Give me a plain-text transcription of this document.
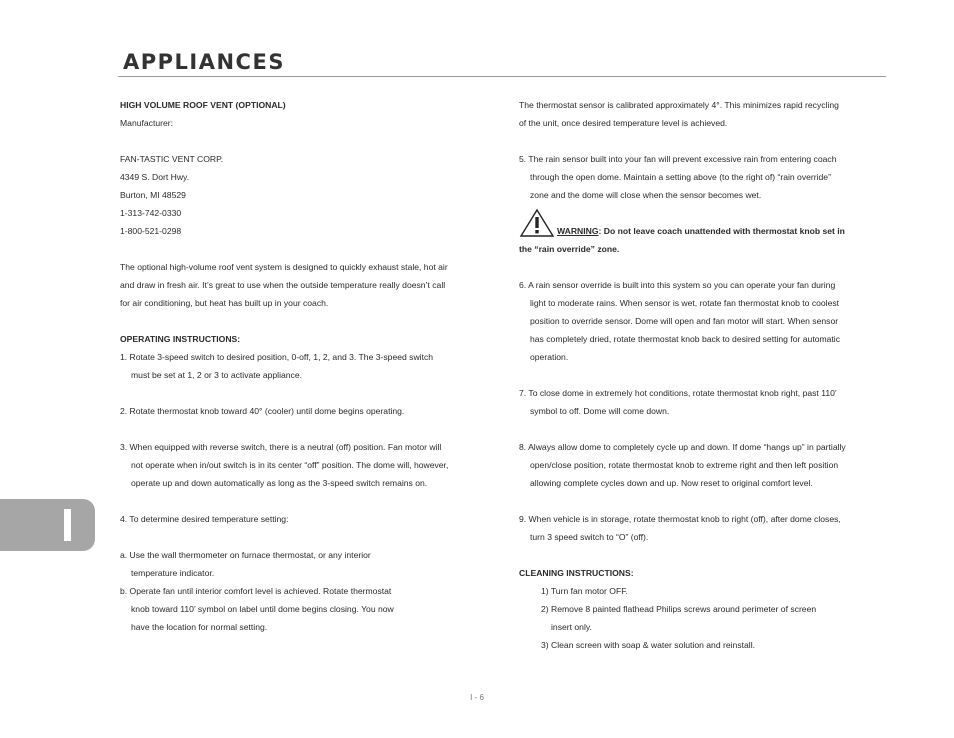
APPLIANCES

HIGH VOLUME ROOF VENT (OPTIONAL)

Manufacturer:

FAN-TASTIC VENT CORP.

4349 S. Dort Hwy.

Burton, MI 48529

1-313-742-0330

1-800-521-0298

The optional high-volume roof vent system is designed to quickly exhaust stale, hot air

and draw in fresh air. It’s great to use when the outside temperature really doesn’t call

for air conditioning, but heat has built up in your coach.

OPERATING INSTRUCTIONS:

1. Rotate 3-speed switch to desired position, 0-off, 1, 2, and 3. The 3-speed switch

must be set at 1, 2 or 3 to activate appliance.

2. Rotate thermostat knob toward 40° (cooler) until dome begins operating.

3. When equipped with reverse switch, there is a neutral (off) position. Fan motor will

not operate when in/out switch is in its center “off” position. The dome will, however,

operate up and down automatically as long as the 3-speed switch remains on.

4. To determine desired temperature setting:

a. Use the wall thermometer on furnace thermostat, or any interior

temperature indicator.

b. Operate fan until interior comfort level is achieved. Rotate thermostat

knob toward 110’ symbol on label until dome begins closing. You now

have the location for normal setting.

The thermostat sensor is calibrated approximately 4°. This minimizes rapid recycling

of the unit, once desired temperature level is achieved.

5. The rain sensor built into your fan will prevent excessive rain from entering coach

through the open dome. Maintain a setting above (to the right of) “rain override”

zone and the dome will close when the sensor becomes wet.

WARNING: Do not leave coach unattended with thermostat knob set in

the “rain override” zone.

6. A rain sensor override is built into this system so you can operate your fan during

light to moderate rains. When sensor is wet, rotate fan thermostat knob to coolest

position to override sensor. Dome will open and fan motor will start. When sensor

has completely dried, rotate thermostat knob back to desired setting for automatic

operation.

7. To close dome in extremely hot conditions, rotate thermostat knob right, past 110’

symbol to off. Dome will come down.

8. Always allow dome to completely cycle up and down. If dome “hangs up” in partially

open/close position, rotate thermostat knob to extreme right and then left position

allowing complete cycles down and up. Now reset to original comfort level.

9. When vehicle is in storage, rotate thermostat knob to right (off), after dome closes,

turn 3 speed switch to “O” (off).

CLEANING INSTRUCTIONS:

1) Turn fan motor OFF.

2) Remove 8 painted flathead Philips screws around perimeter of screen

insert only.

3) Clean screen with soap & water solution and reinstall.

I - 6
